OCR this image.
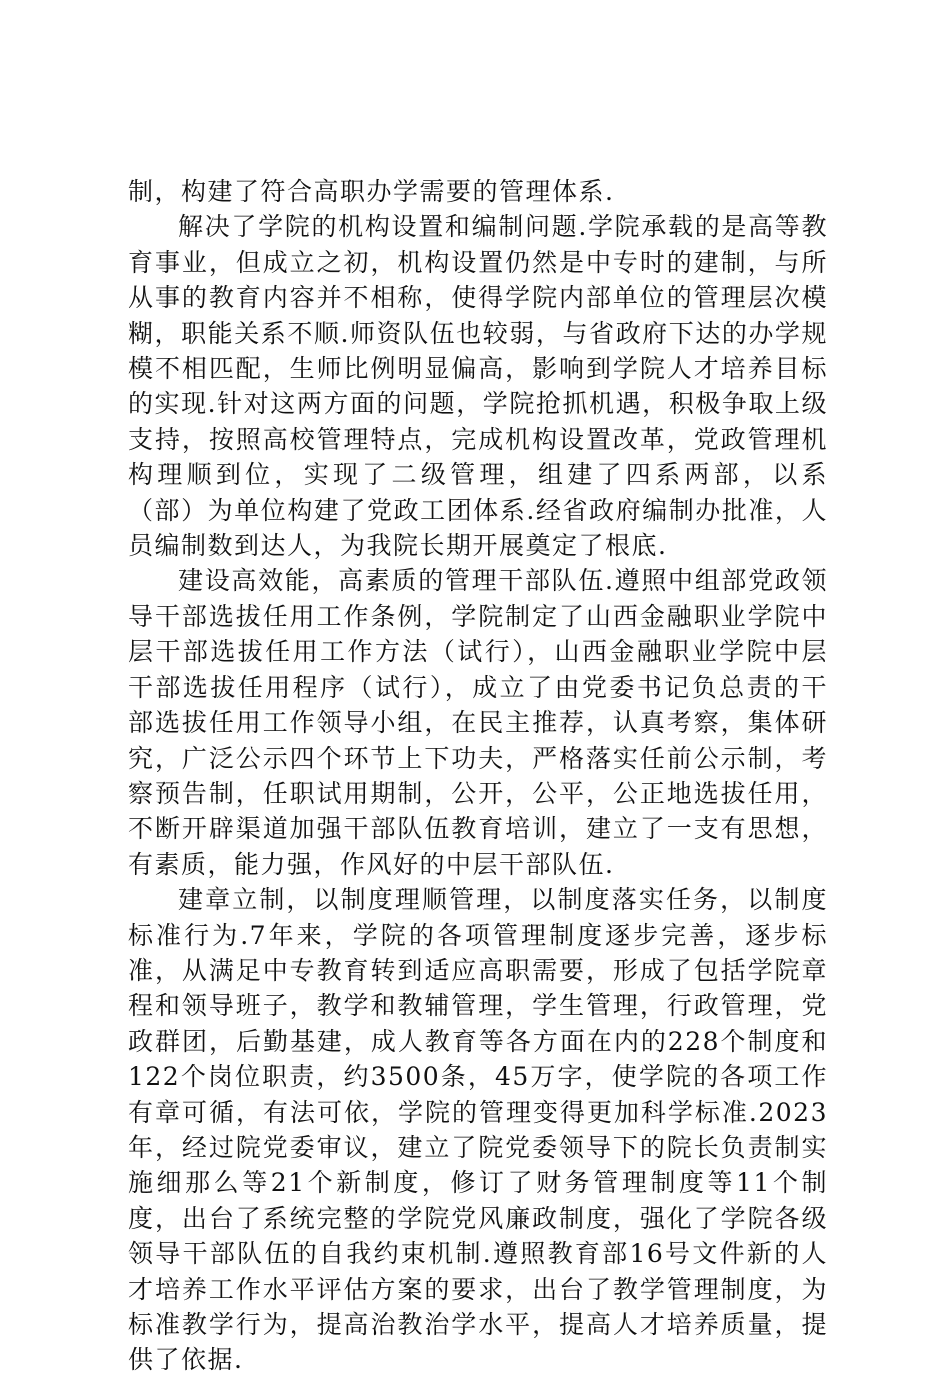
制，构建了符合高职办学需要的管理体系.

解决了学院的机构设置和编制问题.学院承载的是高等教育事业，但成立之初，机构设置仍然是中专时的建制，与所从事的教育内容并不相称，使得学院内部单位的管理层次模糊，职能关系不顺.师资队伍也较弱，与省政府下达的办学规模不相匹配，生师比例明显偏高，影响到学院人才培养目标的实现.针对这两方面的问题，学院抢抓机遇，积极争取上级支持，按照高校管理特点，完成机构设置改革，党政管理机构理顺到位，实现了二级管理，组建了四系两部，以系（部）为单位构建了党政工团体系.经省政府编制办批准，人员编制数到达人，为我院长期开展奠定了根底.

建设高效能，高素质的管理干部队伍.遵照中组部党政领导干部选拔任用工作条例，学院制定了山西金融职业学院中层干部选拔任用工作方法（试行），山西金融职业学院中层干部选拔任用程序（试行），成立了由党委书记负总责的干部选拔任用工作领导小组，在民主推荐，认真考察，集体研究，广泛公示四个环节上下功夫，严格落实任前公示制，考察预告制，任职试用期制，公开，公平，公正地选拔任用，不断开辟渠道加强干部队伍教育培训，建立了一支有思想，有素质，能力强，作风好的中层干部队伍.

建章立制，以制度理顺管理，以制度落实任务，以制度标准行为.7年来，学院的各项管理制度逐步完善，逐步标准，从满足中专教育转到适应高职需要，形成了包括学院章程和领导班子，教学和教辅管理，学生管理，行政管理，党政群团，后勤基建，成人教育等各方面在内的228个制度和122个岗位职责，约3500条，45万字，使学院的各项工作有章可循，有法可依，学院的管理变得更加科学标准.2023年，经过院党委审议，建立了院党委领导下的院长负责制实施细那么等21个新制度，修订了财务管理制度等11个制度，出台了系统完整的学院党风廉政制度，强化了学院各级领导干部队伍的自我约束机制.遵照教育部16号文件新的人才培养工作水平评估方案的要求，出台了教学管理制度，为标准教学行为，提高治教治学水平，提高人才培养质量，提供了依据.
